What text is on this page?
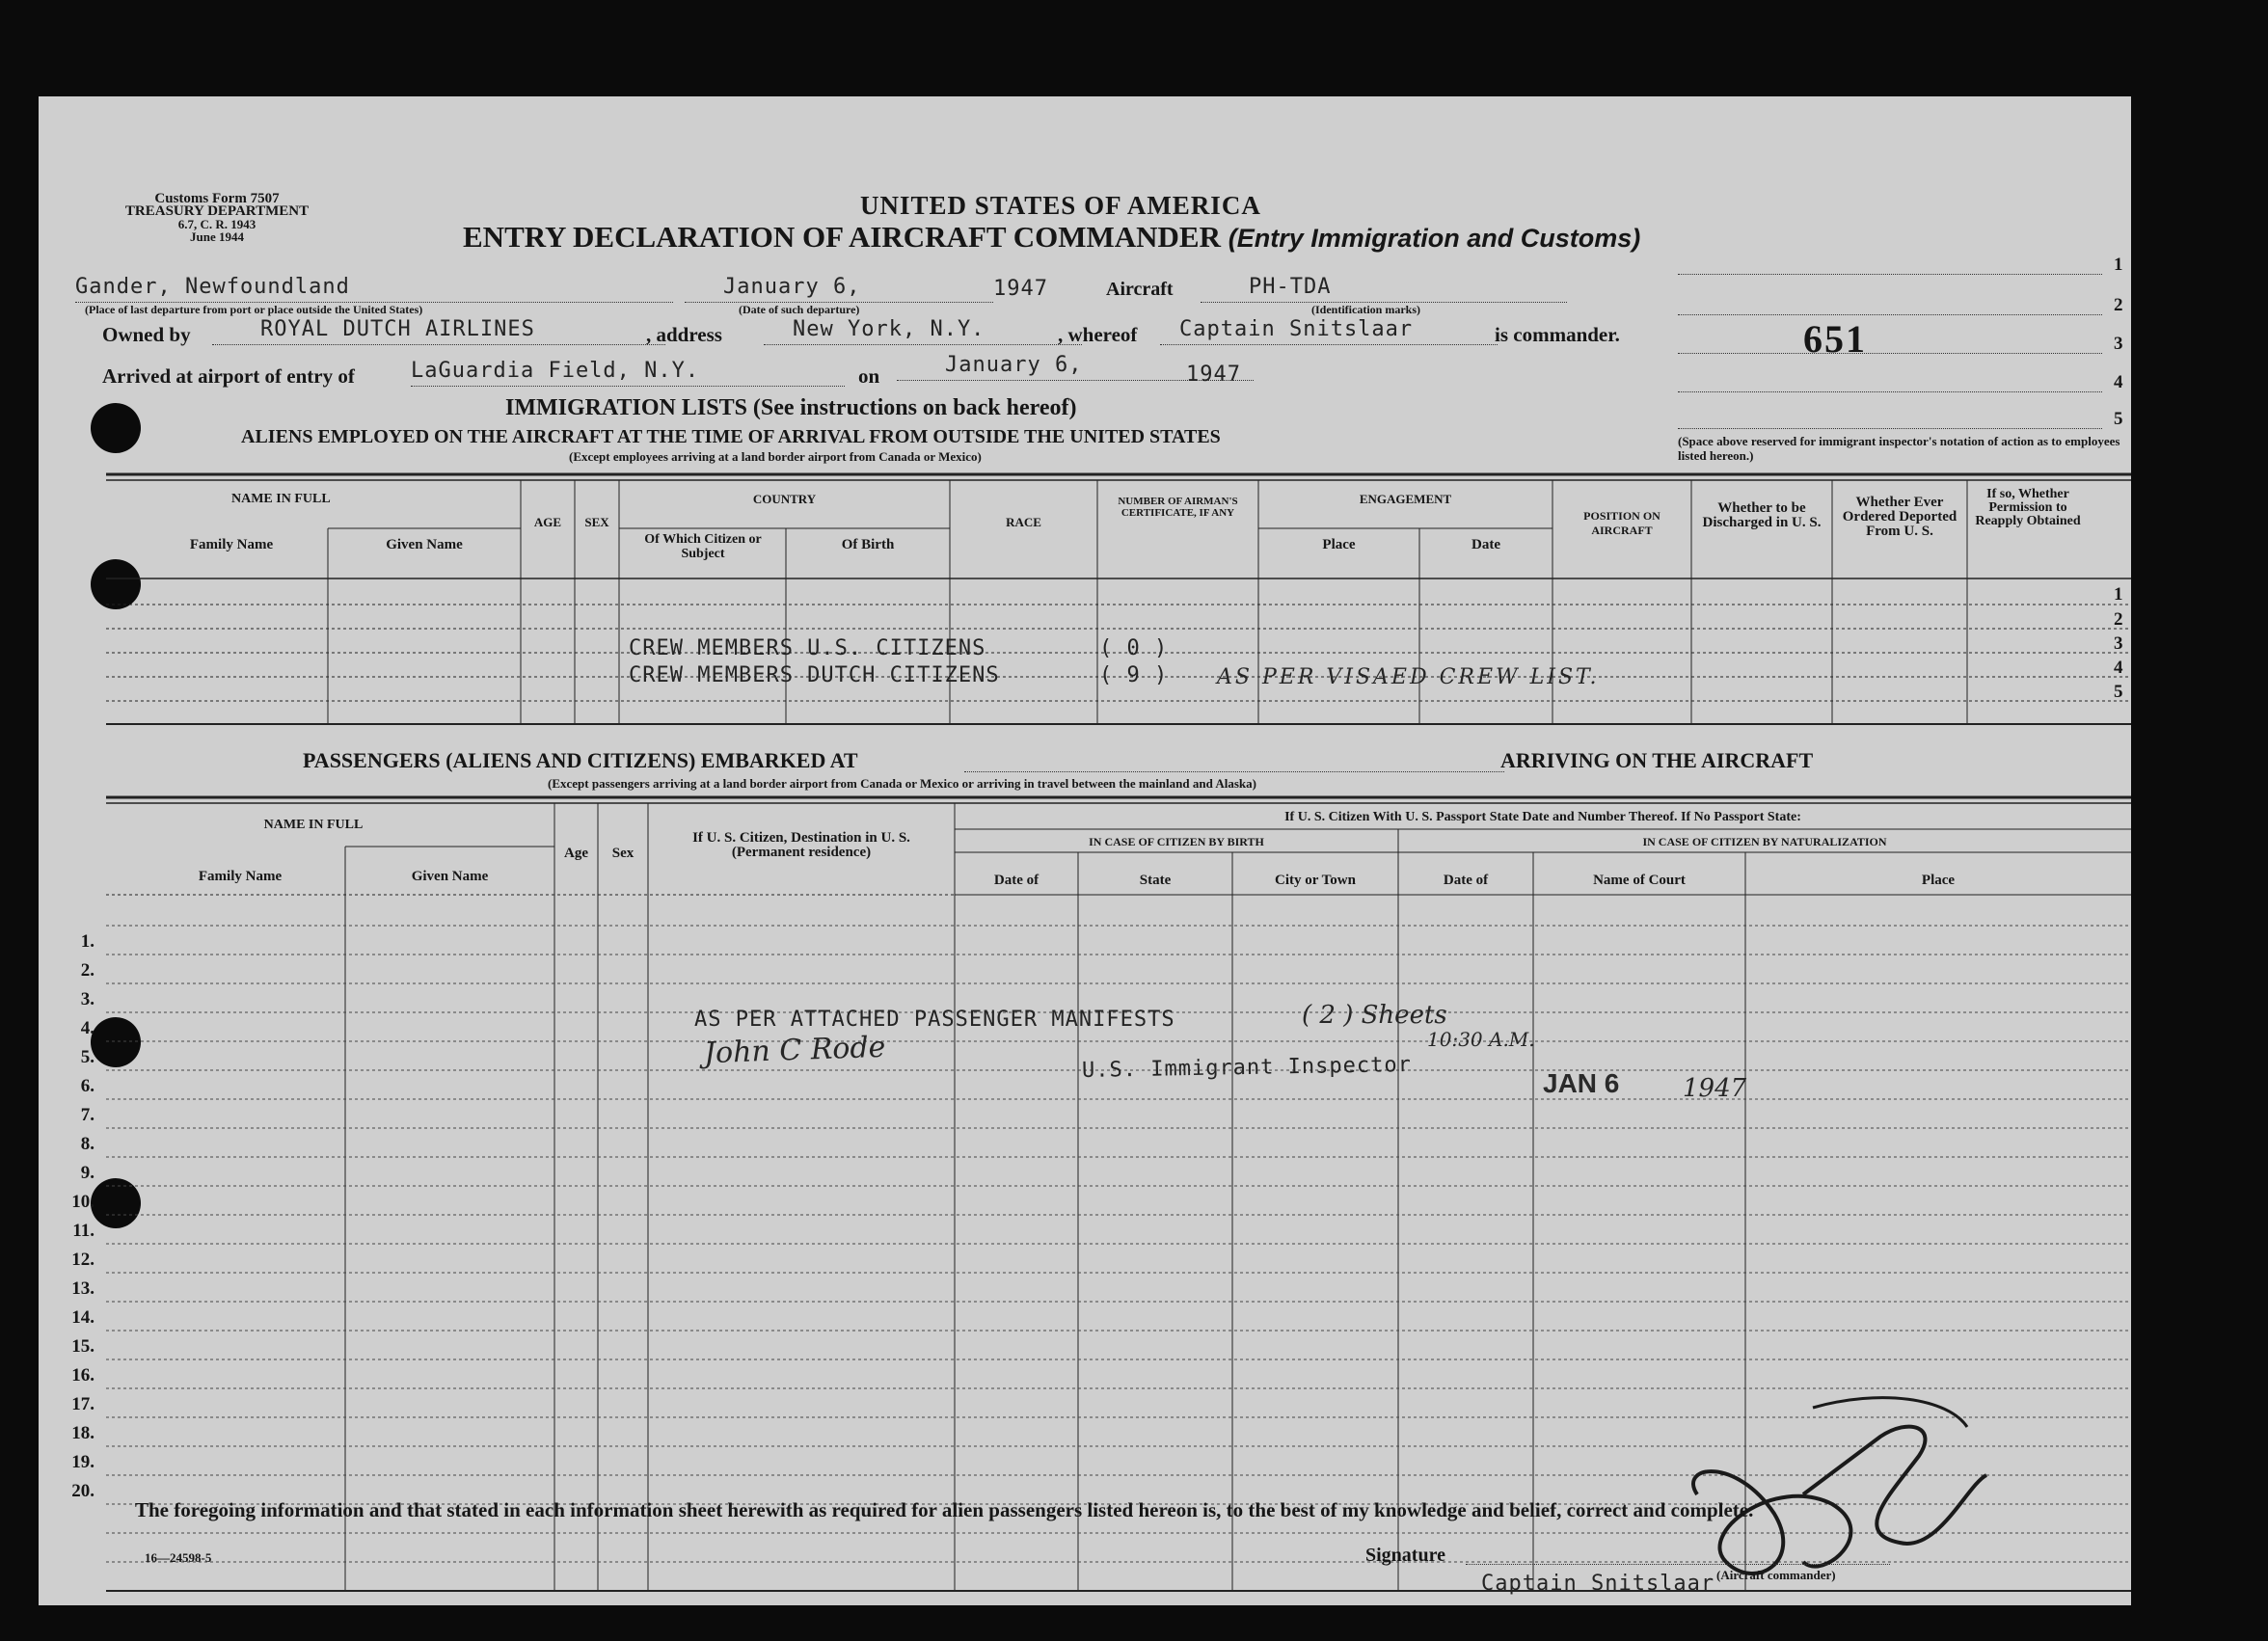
Customs Form 7507
TREASURY DEPARTMENT
6.7, C. R. 1943
June 1944
UNITED STATES OF AMERICA
ENTRY DECLARATION OF AIRCRAFT COMMANDER (Entry Immigration and Customs)
Gander, Newfoundland
(Place of last departure from port or place outside the United States)
January 6,	1947
(Date of such departure)
Aircraft	PH-TDA
(Identification marks)
Owned by	ROYAL DUTCH AIRLINES	, address	New York, N.Y.	, whereof	Captain Snitslaar	is commander.
Arrived at airport of entry of	LaGuardia Field, N.Y.	on	January 6,	1947
1
2
3
4
5
651
(Space above reserved for immigrant inspector's notation of action as to employees listed hereon.)
IMMIGRATION LISTS (See instructions on back hereof)
ALIENS EMPLOYED ON THE AIRCRAFT AT THE TIME OF ARRIVAL FROM OUTSIDE THE UNITED STATES
(Except employees arriving at a land border airport from Canada or Mexico)
NAME IN FULL
Family Name	Given Name
AGE	SEX
COUNTRY
Of Which Citizen or Subject
Of Birth
RACE
NUMBER OF AIRMAN'S CERTIFICATE, IF ANY
ENGAGEMENT
Place	Date
POSITION ON AIRCRAFT
Whether to be Discharged in U. S.
Whether Ever Ordered Deported From U. S.
If so, Whether Permission to Reapply Obtained
1
2
3
4
5
CREW MEMBERS U.S. CITIZENS	( 0 )
CREW MEMBERS DUTCH CITIZENS	( 9 ) AS PER VISAED CREW LIST.
PASSENGERS (ALIENS AND CITIZENS) EMBARKED AT	ARRIVING ON THE AIRCRAFT
(Except passengers arriving at a land border airport from Canada or Mexico or arriving in travel between the mainland and Alaska)
NAME IN FULL
Family Name	Given Name
Age	Sex
If U. S. Citizen, Destination in U. S. (Permanent residence)
If U. S. Citizen With U. S. Passport State Date and Number Thereof. If No Passport State:
IN CASE OF CITIZEN BY BIRTH	IN CASE OF CITIZEN BY NATURALIZATION
Date of	State	City or Town	Date of	Name of Court	Place
1.
2.
3.
4.
5.
6.
7.
8.
9.
10.
11.
12.
13.
14.
15.
16.
17.
18.
19.
20.
AS PER ATTACHED PASSENGER MANIFESTS	( 2 ) Sheets
10:30 A.M.
John C Rode	U.S. Immigrant Inspector
JAN 6	1947
The foregoing information and that stated in each information sheet herewith as required for alien passengers listed hereon is, to the best of my knowledge and belief, correct and complete.
16—24598-5	Signature
(Aircraft commander)
Captain Snitslaar
